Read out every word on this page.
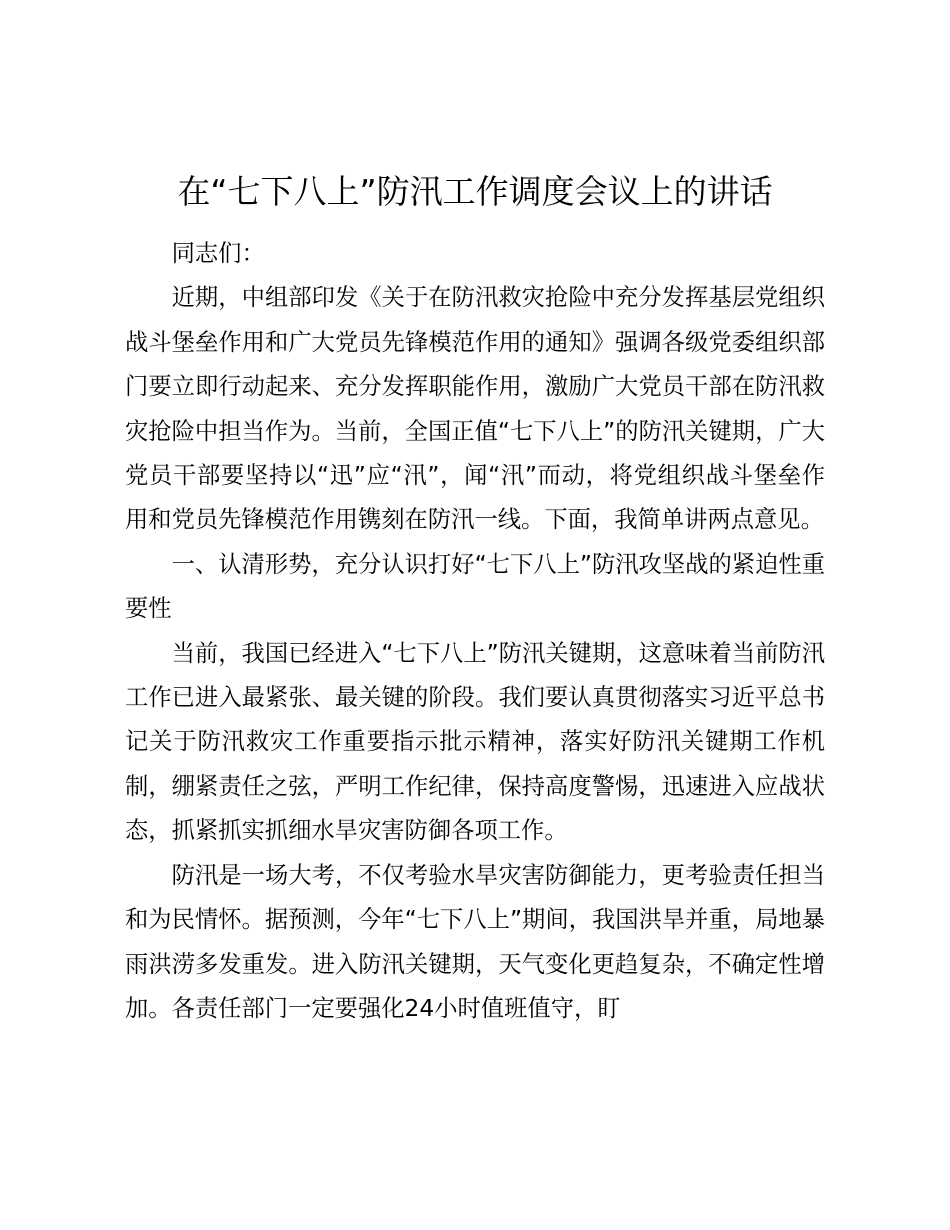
在“七下八上”防汛工作调度会议上的讲话

同志们：

近期，中组部印发《关于在防汛救灾抢险中充分发挥基层党组织战斗堡垒作用和广大党员先锋模范作用的通知》强调各级党委组织部门要立即行动起来、充分发挥职能作用，激励广大党员干部在防汛救灾抢险中担当作为。当前，全国正值“七下八上”的防汛关键期，广大党员干部要坚持以“迅”应“汛”，闻“汛”而动，将党组织战斗堡垒作用和党员先锋模范作用镌刻在防汛一线。下面，我简单讲两点意见。

一、认清形势，充分认识打好“七下八上”防汛攻坚战的紧迫性重要性

当前，我国已经进入“七下八上”防汛关键期，这意味着当前防汛工作已进入最紧张、最关键的阶段。我们要认真贯彻落实习近平总书记关于防汛救灾工作重要指示批示精神，落实好防汛关键期工作机制，绷紧责任之弦，严明工作纪律，保持高度警惕，迅速进入应战状态，抓紧抓实抓细水旱灾害防御各项工作。

防汛是一场大考，不仅考验水旱灾害防御能力，更考验责任担当和为民情怀。据预测，今年“七下八上”期间，我国洪旱并重，局地暴雨洪涝多发重发。进入防汛关键期，天气变化更趋复杂，不确定性增加。各责任部门一定要强化24小时值班值守，盯
